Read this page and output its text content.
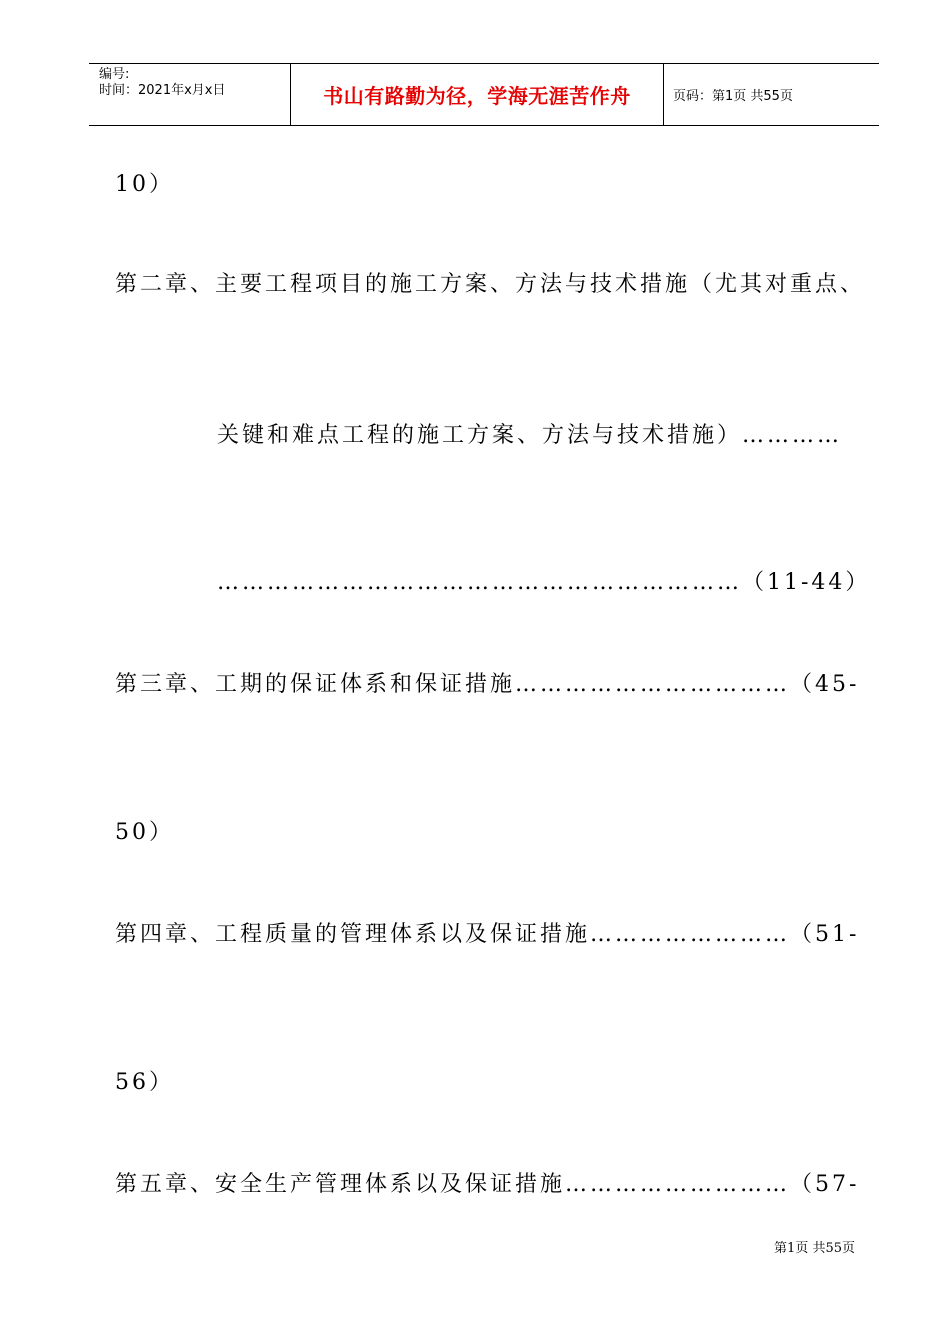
编号:
时间：2021年x月x日	书山有路勤为径，学海无涯苦作舟	页码：第1页 共55页
10）
第二章、主要工程项目的施工方案、方法与技术措施（尤其对重点、
关键和难点工程的施工方案、方法与技术措施）…………
………………………………………………………（11-44）
第三章、工期的保证体系和保证措施……………………………（45-
50）
第四章、工程质量的管理体系以及保证措施……………………（51-
56）
第五章、安全生产管理体系以及保证措施………………………（57-
第1页 共55页
